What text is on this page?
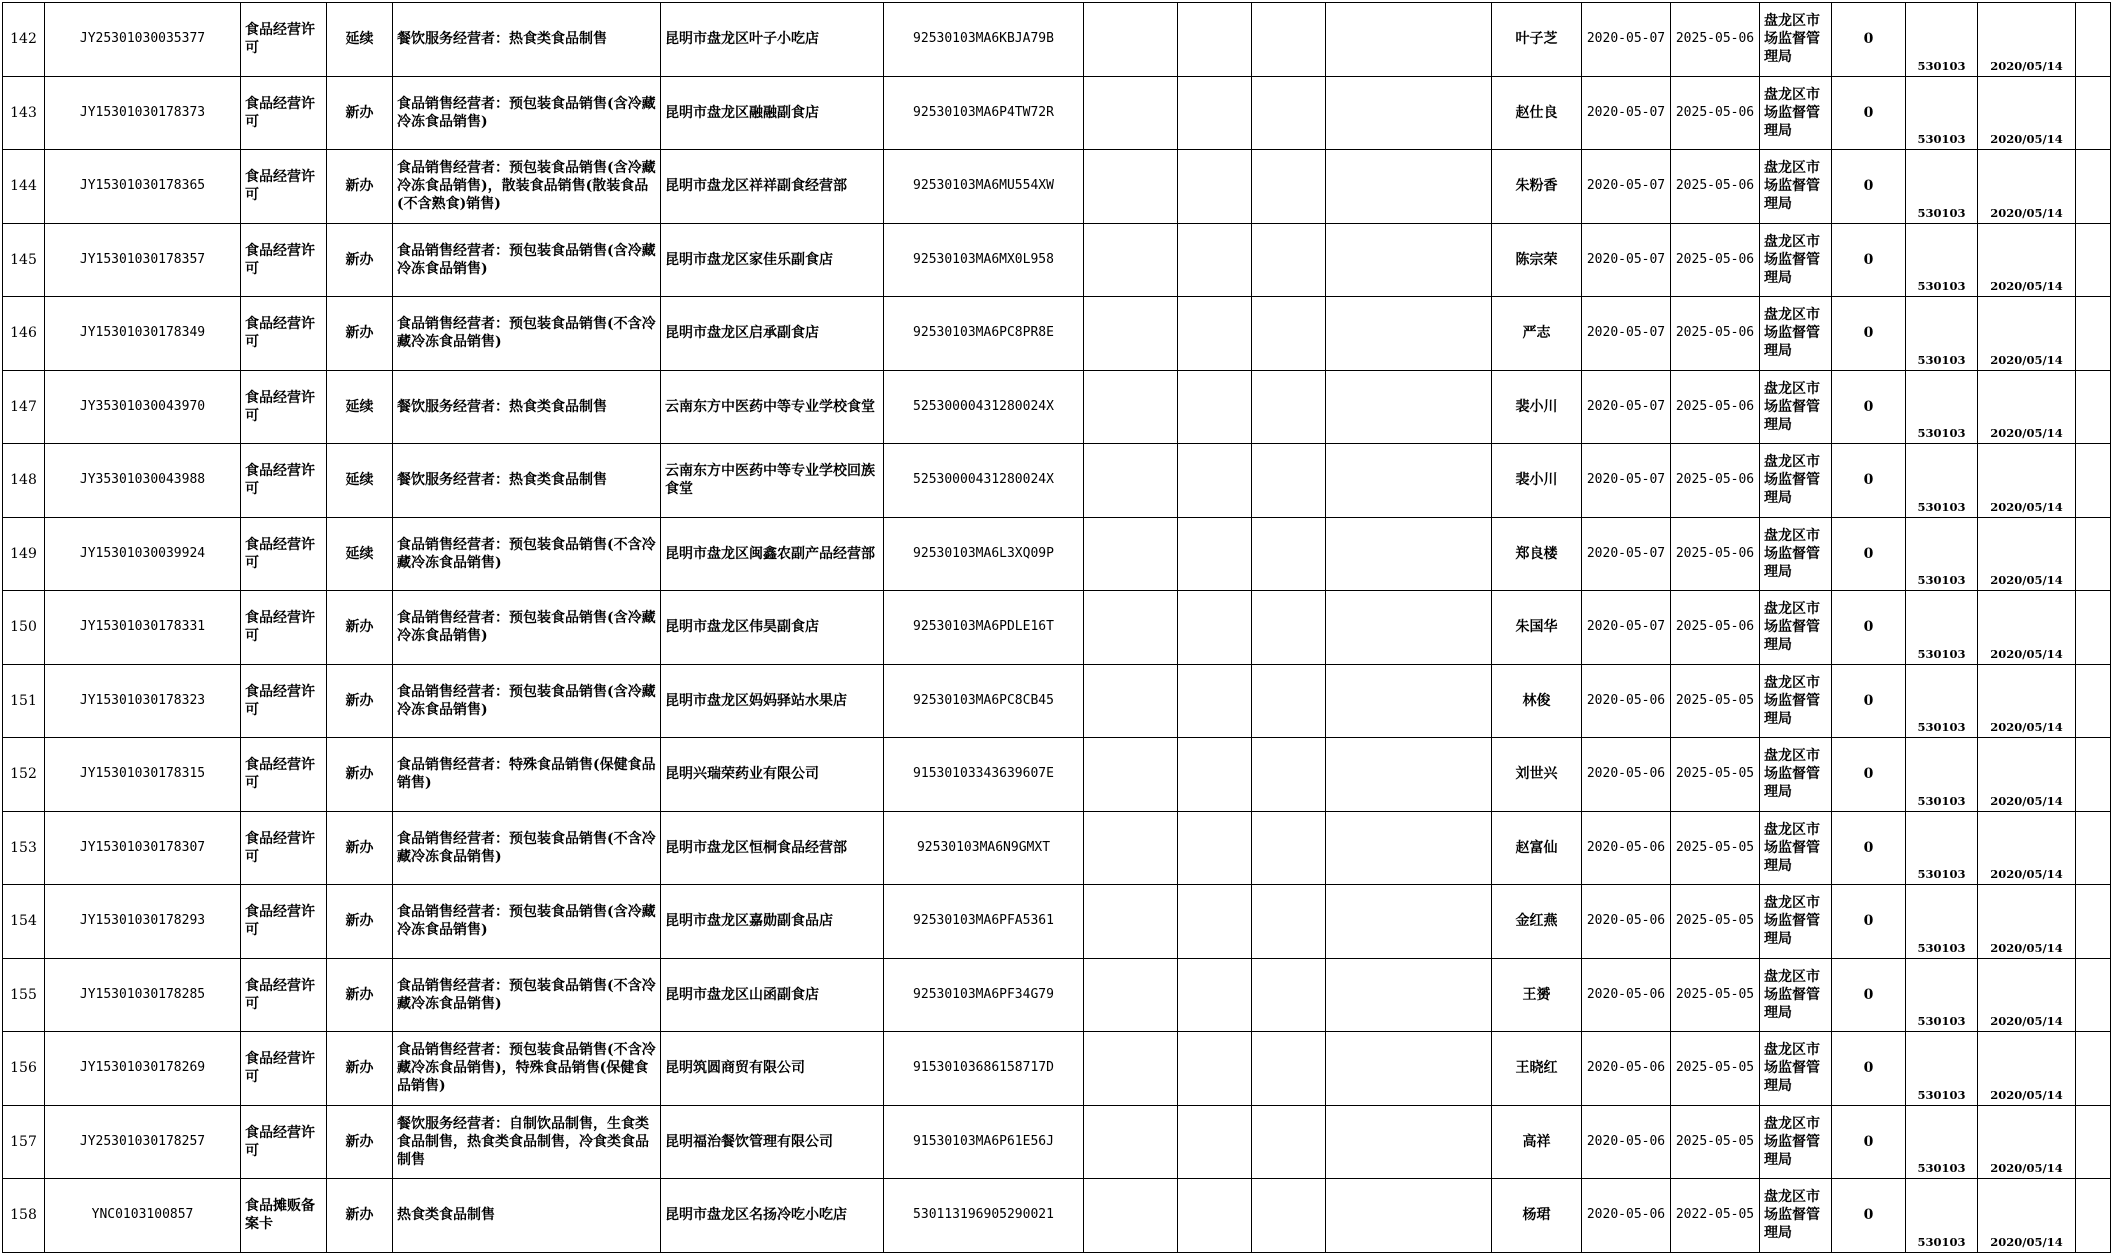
142	JY25301030035377	食品经营许可	延续	餐饮服务经营者：热食类食品制售	昆明市盘龙区叶子小吃店	92530103MA6KBJA79B					叶子芝	2020-05-07	2025-05-06	盘龙区市场监督管理局	0	530103	2020/05/14	
143	JY15301030178373	食品经营许可	新办	食品销售经营者：预包装食品销售(含冷藏冷冻食品销售)	昆明市盘龙区融融副食店	92530103MA6P4TW72R					赵仕良	2020-05-07	2025-05-06	盘龙区市场监督管理局	0	530103	2020/05/14	
144	JY15301030178365	食品经营许可	新办	食品销售经营者：预包装食品销售(含冷藏冷冻食品销售)，散装食品销售(散装食品(不含熟食)销售)	昆明市盘龙区祥祥副食经营部	92530103MA6MU554XW					朱粉香	2020-05-07	2025-05-06	盘龙区市场监督管理局	0	530103	2020/05/14	
145	JY15301030178357	食品经营许可	新办	食品销售经营者：预包装食品销售(含冷藏冷冻食品销售)	昆明市盘龙区家佳乐副食店	92530103MA6MX0L958					陈宗荣	2020-05-07	2025-05-06	盘龙区市场监督管理局	0	530103	2020/05/14	
146	JY15301030178349	食品经营许可	新办	食品销售经营者：预包装食品销售(不含冷藏冷冻食品销售)	昆明市盘龙区启承副食店	92530103MA6PC8PR8E					严志	2020-05-07	2025-05-06	盘龙区市场监督管理局	0	530103	2020/05/14	
147	JY35301030043970	食品经营许可	延续	餐饮服务经营者：热食类食品制售	云南东方中医药中等专业学校食堂	52530000431280024X					裴小川	2020-05-07	2025-05-06	盘龙区市场监督管理局	0	530103	2020/05/14	
148	JY35301030043988	食品经营许可	延续	餐饮服务经营者：热食类食品制售	云南东方中医药中等专业学校回族食堂	52530000431280024X					裴小川	2020-05-07	2025-05-06	盘龙区市场监督管理局	0	530103	2020/05/14	
149	JY15301030039924	食品经营许可	延续	食品销售经营者：预包装食品销售(不含冷藏冷冻食品销售)	昆明市盘龙区闽鑫农副产品经营部	92530103MA6L3XQ09P					郑良楼	2020-05-07	2025-05-06	盘龙区市场监督管理局	0	530103	2020/05/14	
150	JY15301030178331	食品经营许可	新办	食品销售经营者：预包装食品销售(含冷藏冷冻食品销售)	昆明市盘龙区伟昊副食店	92530103MA6PDLE16T					朱国华	2020-05-07	2025-05-06	盘龙区市场监督管理局	0	530103	2020/05/14	
151	JY15301030178323	食品经营许可	新办	食品销售经营者：预包装食品销售(含冷藏冷冻食品销售)	昆明市盘龙区妈妈驿站水果店	92530103MA6PC8CB45					林俊	2020-05-06	2025-05-05	盘龙区市场监督管理局	0	530103	2020/05/14	
152	JY15301030178315	食品经营许可	新办	食品销售经营者：特殊食品销售(保健食品销售)	昆明兴瑞荣药业有限公司	91530103343639607E					刘世兴	2020-05-06	2025-05-05	盘龙区市场监督管理局	0	530103	2020/05/14	
153	JY15301030178307	食品经营许可	新办	食品销售经营者：预包装食品销售(不含冷藏冷冻食品销售)	昆明市盘龙区恒桐食品经营部	92530103MA6N9GMXT					赵富仙	2020-05-06	2025-05-05	盘龙区市场监督管理局	0	530103	2020/05/14	
154	JY15301030178293	食品经营许可	新办	食品销售经营者：预包装食品销售(含冷藏冷冻食品销售)	昆明市盘龙区嘉勋副食品店	92530103MA6PFA5361					金红燕	2020-05-06	2025-05-05	盘龙区市场监督管理局	0	530103	2020/05/14	
155	JY15301030178285	食品经营许可	新办	食品销售经营者：预包装食品销售(不含冷藏冷冻食品销售)	昆明市盘龙区山函副食店	92530103MA6PF34G79					王赟	2020-05-06	2025-05-05	盘龙区市场监督管理局	0	530103	2020/05/14	
156	JY15301030178269	食品经营许可	新办	食品销售经营者：预包装食品销售(不含冷藏冷冻食品销售)，特殊食品销售(保健食品销售)	昆明筑圆商贸有限公司	91530103686158717D					王晓红	2020-05-06	2025-05-05	盘龙区市场监督管理局	0	530103	2020/05/14	
157	JY25301030178257	食品经营许可	新办	餐饮服务经营者：自制饮品制售，生食类食品制售，热食类食品制售，冷食类食品制售	昆明福治餐饮管理有限公司	91530103MA6P61E56J					高祥	2020-05-06	2025-05-05	盘龙区市场监督管理局	0	530103	2020/05/14	
158	YNC0103100857	食品摊贩备案卡	新办	热食类食品制售	昆明市盘龙区名扬冷吃小吃店	530113196905290021					杨珺	2020-05-06	2022-05-05	盘龙区市场监督管理局	0	530103	2020/05/14	
